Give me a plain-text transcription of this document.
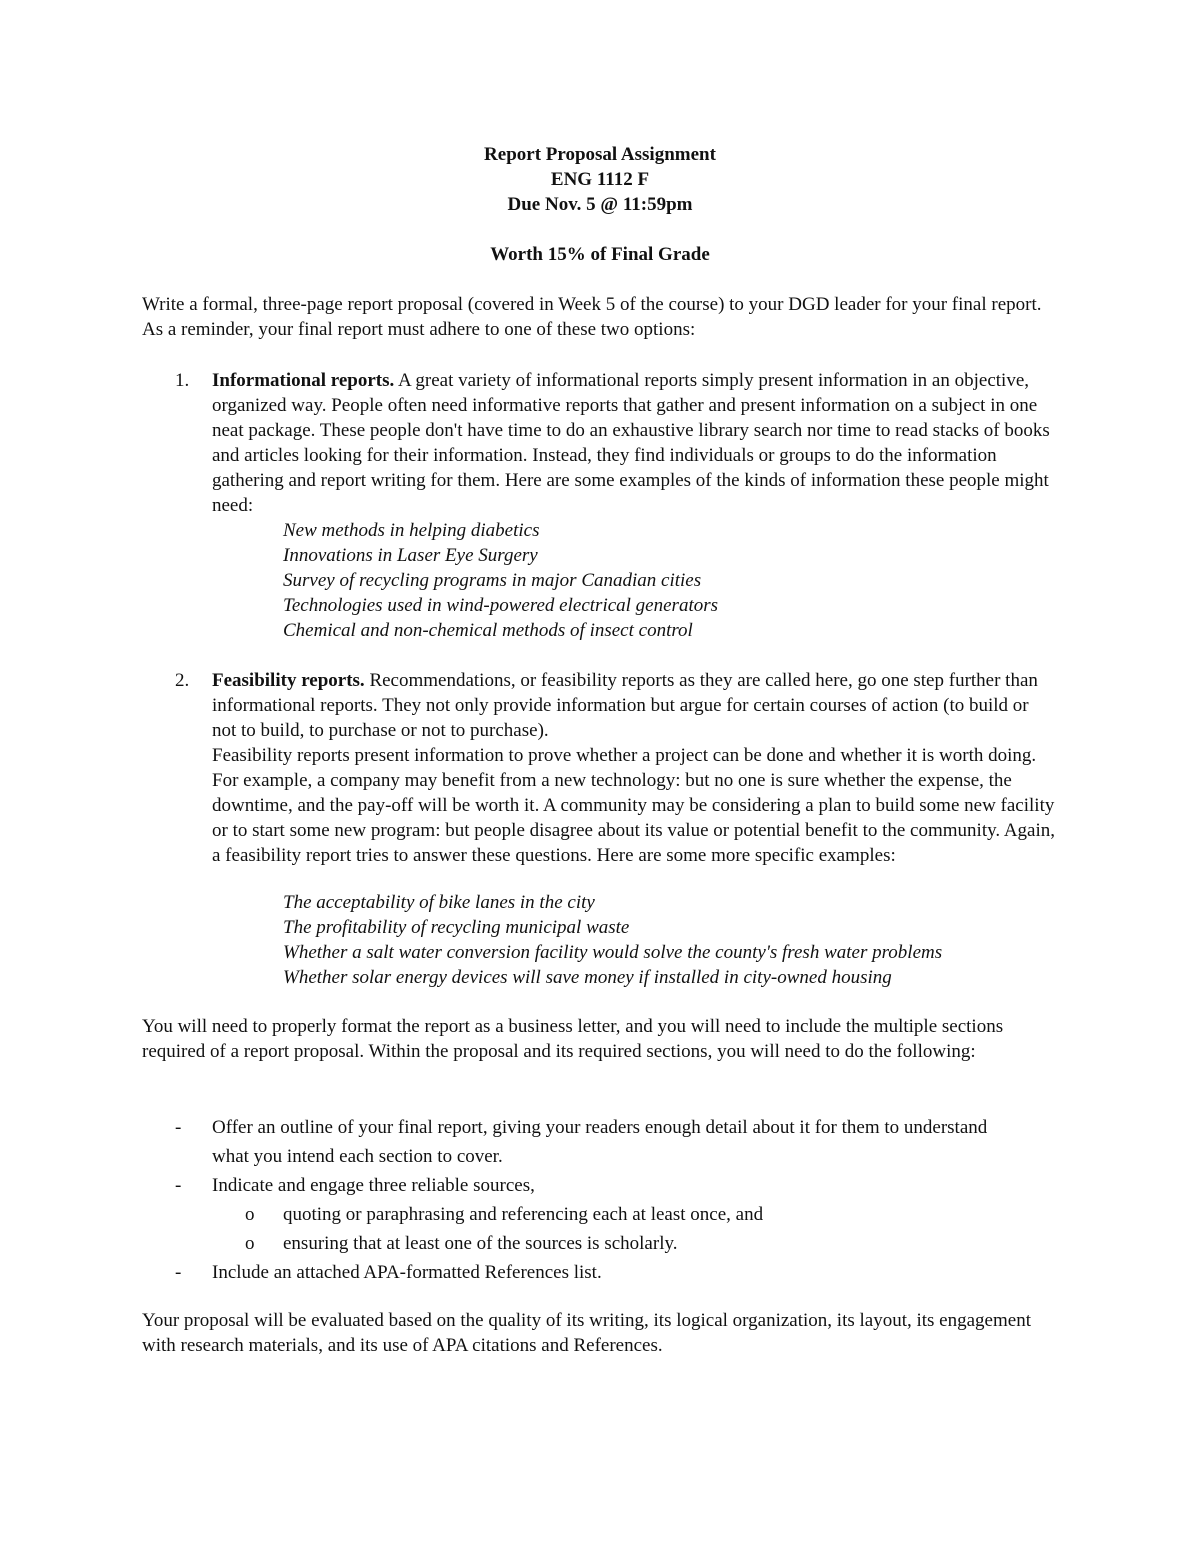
Report Proposal Assignment
ENG 1112 F
Due Nov. 5 @ 11:59pm
Worth 15% of Final Grade
Write a formal, three-page report proposal (covered in Week 5 of the course) to your DGD leader for your final report. As a reminder, your final report must adhere to one of these two options:
1. Informational reports. A great variety of informational reports simply present information in an objective, organized way. People often need informative reports that gather and present information on a subject in one neat package. These people don't have time to do an exhaustive library search nor time to read stacks of books and articles looking for their information. Instead, they find individuals or groups to do the information gathering and report writing for them. Here are some examples of the kinds of information these people might need:
New methods in helping diabetics
Innovations in Laser Eye Surgery
Survey of recycling programs in major Canadian cities
Technologies used in wind-powered electrical generators
Chemical and non-chemical methods of insect control
2. Feasibility reports. Recommendations, or feasibility reports as they are called here, go one step further than informational reports. They not only provide information but argue for certain courses of action (to build or not to build, to purchase or not to purchase).
Feasibility reports present information to prove whether a project can be done and whether it is worth doing. For example, a company may benefit from a new technology: but no one is sure whether the expense, the downtime, and the pay-off will be worth it. A community may be considering a plan to build some new facility or to start some new program: but people disagree about its value or potential benefit to the community. Again, a feasibility report tries to answer these questions. Here are some more specific examples:
The acceptability of bike lanes in the city
The profitability of recycling municipal waste
Whether a salt water conversion facility would solve the county's fresh water problems
Whether solar energy devices will save money if installed in city-owned housing
You will need to properly format the report as a business letter, and you will need to include the multiple sections required of a report proposal. Within the proposal and its required sections, you will need to do the following:
- Offer an outline of your final report, giving your readers enough detail about it for them to understand what you intend each section to cover.
- Indicate and engage three reliable sources,
o quoting or paraphrasing and referencing each at least once, and
o ensuring that at least one of the sources is scholarly.
- Include an attached APA-formatted References list.
Your proposal will be evaluated based on the quality of its writing, its logical organization, its layout, its engagement with research materials, and its use of APA citations and References.
